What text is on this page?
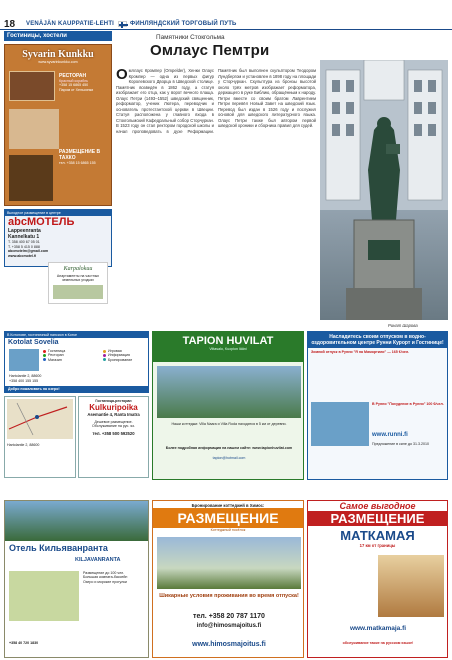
18 VENÄJÄN KAUPPATIE-LEHTI	ФИНЛЯНДСКИЙ ТОРГОВЫЙ ПУТЬ
Гостиницы, хостели
Syvarin Kunkku
www.syvarinkunkku.com
РЕСТОРАН
Красный корабль
+358 15 6865 450
Паром от Хельсинки
РАЗМЕЩЕНИЕ В ТАХКО
тел. +358 15 6865 155
Выгодное размещение в центре
abcМОТЕЛЬ
Lappeenranta
Kannelkatu 1
Т. 358 400 67 05 01
Т. +358 5 415 0 888
abcmotelm@gmail.com
www.abcmotel.fi
Karpalokuu
Апартаменты на частных земельных угодьях
Памятники Стокгольма
Омлаус Пемтри
Омллаус Кромпер (Ompelder), Хенки Олаус Кромпер — одна из первых фигур Королевского Дворца в Шведской столице. Памятник возведён в 1862 году, а статуя изображает его отца, как у ворот вечного плаща. Олаус Петри (1493–1552) шведский священник, реформатор, ученик Лютера, переводчик и основатель протестантской церкви в Швеции. Статуя расположена у главного входа в Стокгольмский Кафедральный собор Сторчуркан. В 1523 году он стал ректором городской школы и начал проповедовать в духе Реформации. Памятник был выполнен скульптором Теодором Лундбергом и установлен в 1898 году на площади у Сторчуркан. Скульптура из бронзы высотой около трёх метров изображает реформатора, держащего в руке Библию, обращённым к народу. Петри вместе со своим братом Лаврентием Петри перевёл Новый Завет на шведский язык. Перевод был издан в 1526 году и послужил основой для шведского литературного языка. Олаус Петри также был автором первой шведской хроники и сборника правил для судей.
Ринат Шарова
В Котолове, гостиничный пансион в Котке
Kotolat Sovelia
Гостиница
Ресторан
Магазин
Игровая
Информация
Бронирование
Hartolantie 2, 88600
+358 400 155 155
Добро пожаловать на озеро!
Hartolantie 2, 88600
Гостиница-ресторан
Kulkuripoika
Asemantie 4, Ranta Imatra
Дешевое размещение.
Обслуживание на рус. яз.
тел. +358 500 592520
TAPION HUVILAT
Viitasalo, Kuopion lääni
Наши коттеджи: Villa Naara и Villa Roda находятся в 5 км от деревни.
Более подробная информация на нашем сайте: www.tapionhuvilat.com
tapion@hotmail.com
Насладитесь своим отпуском в водно-оздоровительном центре Рунни Курорт и Гостинице!
Зимний отпуск в Рунни "Я на Мамортили" — 165 €/чел.
В Рунни "Похудение в Рунни" 100 €/чел.
www.runni.fi
Предложение в силе до 31.3.2010
Отель Кильяванранта
KILJAVANRANTA
Размещение до 100 чел.
Большая комната-бассейн
Озеро и морские прогулки
+358 40 720 1830
Бронирование коттеджей в Химос:
РАЗМЕЩЕНИЕ
Коттеджный посёлок
Шикарные условия проживания во время отпуска!
тел. +358 20 787 1170
info@himosmajoitus.fi
www.himosmajoitus.fi
Самое выгодное
РАЗМЕЩЕНИЕ
МАТКАМАЯ
17 км от границы
www.matkamaja.fi
обслуживание также на русском языке!
